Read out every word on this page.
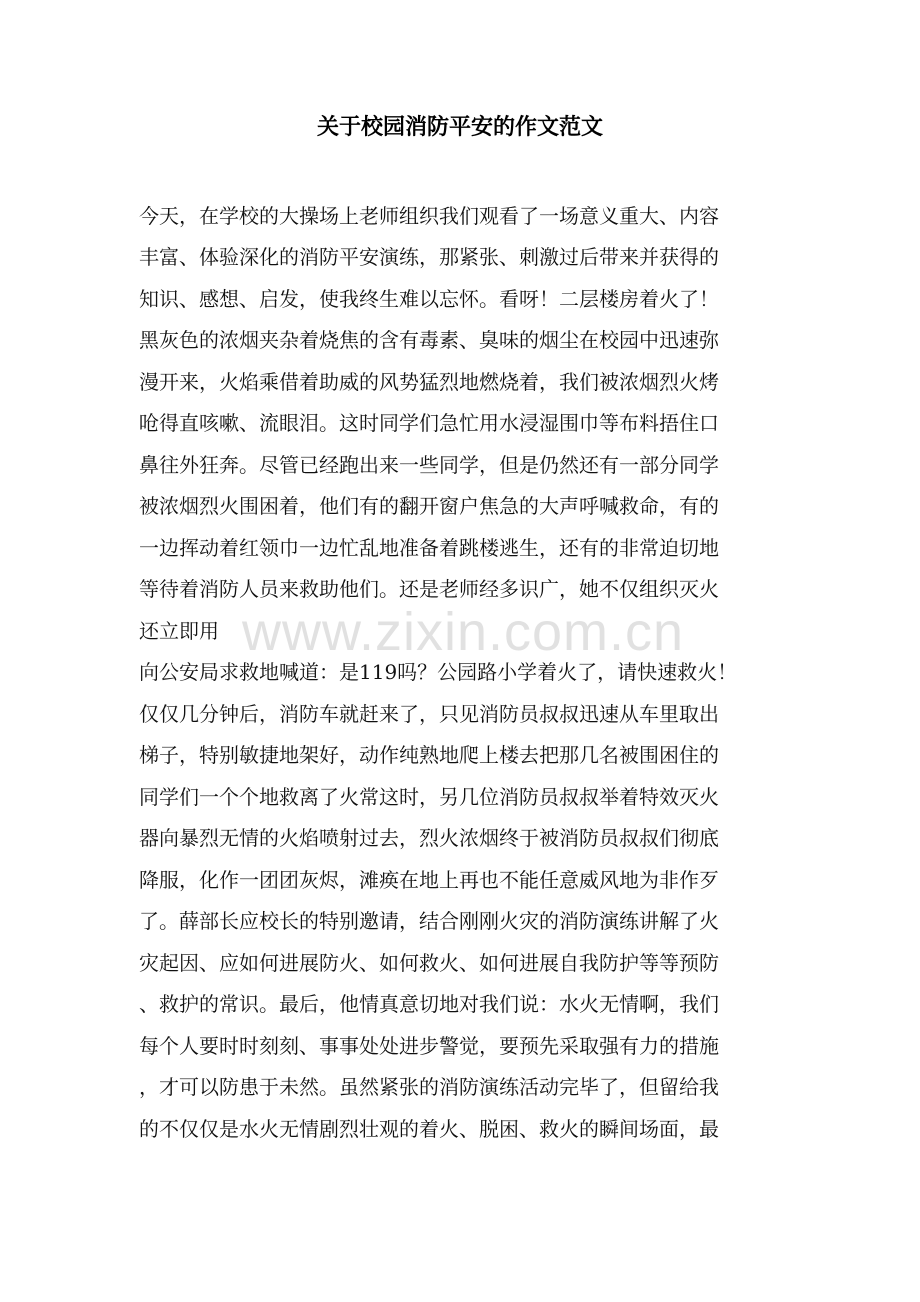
关于校园消防平安的作文范文
今天，在学校的大操场上老师组织我们观看了一场意义重大、内容
丰富、体验深化的消防平安演练，那紧张、刺激过后带来并获得的
知识、感想、启发，使我终生难以忘怀。看呀！二层楼房着火了！
黑灰色的浓烟夹杂着烧焦的含有毒素、臭味的烟尘在校园中迅速弥
漫开来，火焰乘借着助威的风势猛烈地燃烧着，我们被浓烟烈火烤
呛得直咳嗽、流眼泪。这时同学们急忙用水浸湿围巾等布料捂住口
鼻往外狂奔。尽管已经跑出来一些同学，但是仍然还有一部分同学
被浓烟烈火围困着，他们有的翻开窗户焦急的大声呼喊救命，有的
一边挥动着红领巾一边忙乱地准备着跳楼逃生，还有的非常迫切地
等待着消防人员来救助他们。还是老师经多识广，她不仅组织灭火
还立即用
向公安局求救地喊道：是119吗？公园路小学着火了，请快速救火！
仅仅几分钟后，消防车就赶来了，只见消防员叔叔迅速从车里取出
梯子，特别敏捷地架好，动作纯熟地爬上楼去把那几名被围困住的
同学们一个个地救离了火常这时，另几位消防员叔叔举着特效灭火
器向暴烈无情的火焰喷射过去，烈火浓烟终于被消防员叔叔们彻底
降服，化作一团团灰烬，滩痪在地上再也不能任意威风地为非作歹
了。薛部长应校长的特别邀请，结合刚刚火灾的消防演练讲解了火
灾起因、应如何进展防火、如何救火、如何进展自我防护等等预防
、救护的常识。最后，他情真意切地对我们说：水火无情啊，我们
每个人要时时刻刻、事事处处进步警觉，要预先采取强有力的措施
，才可以防患于未然。虽然紧张的消防演练活动完毕了，但留给我
的不仅仅是水火无情剧烈壮观的着火、脱困、救火的瞬间场面，最
www.zixin.com.cn
